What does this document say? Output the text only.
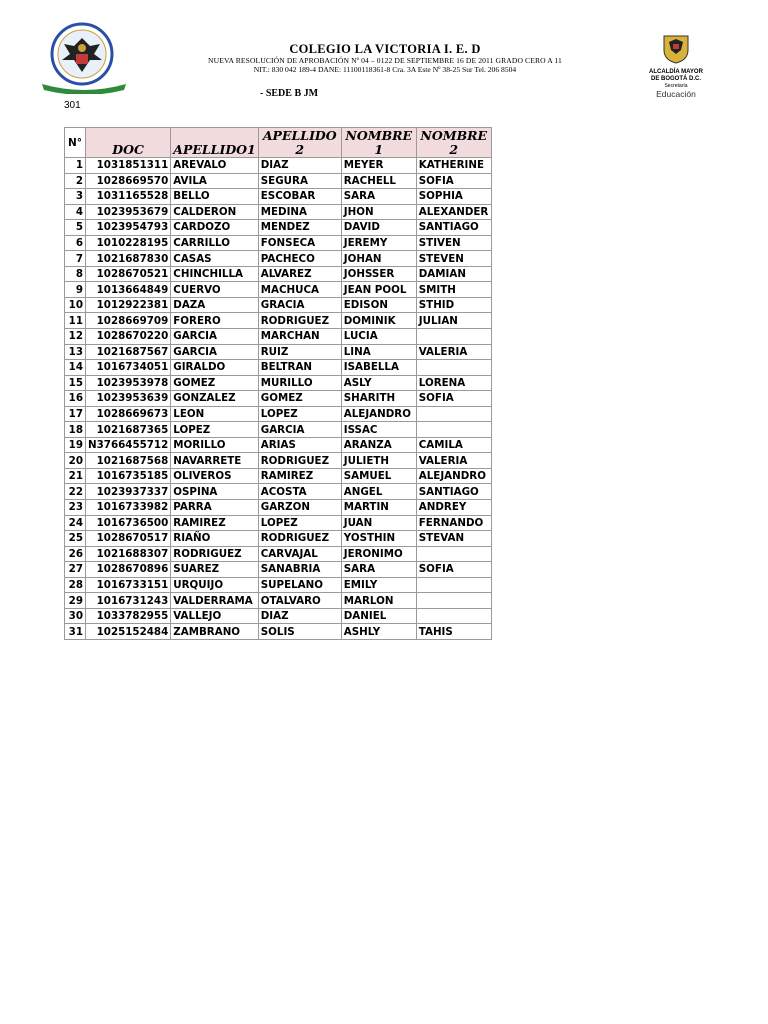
COLEGIO LA VICTORIA I. E. D
NUEVA RESOLUCIÓN DE APROBACIÓN Nº 04 – 0122 DE SEPTIEMBRE 16 DE 2011 GRADO CERO A 11
NIT.: 830 042 189-4 DANE: 11100118361-8 Cra. 3A Este Nº 38-25 Sur Tel. 206 8504	ALCALDÍA MAYOR
DE BOGOTÁ D.C.
Secretaría
Educación
- SEDE B JM
301
N°	DOC	APELLIDO1	APELLIDO 2	NOMBRE 1	NOMBRE 2
1	1031851311	AREVALO	DIAZ	MEYER	KATHERINE
2	1028669570	AVILA	SEGURA	RACHELL	SOFIA
3	1031165528	BELLO	ESCOBAR	SARA	SOPHIA
4	1023953679	CALDERON	MEDINA	JHON	ALEXANDER
5	1023954793	CARDOZO	MENDEZ	DAVID	SANTIAGO
6	1010228195	CARRILLO	FONSECA	JEREMY	STIVEN
7	1021687830	CASAS	PACHECO	JOHAN	STEVEN
8	1028670521	CHINCHILLA	ALVAREZ	JOHSSER	DAMIAN
9	1013664849	CUERVO	MACHUCA	JEAN POOL	SMITH
10	1012922381	DAZA	GRACIA	EDISON	STHID
11	1028669709	FORERO	RODRIGUEZ	DOMINIK	JULIAN
12	1028670220	GARCIA	MARCHAN	LUCIA	
13	1021687567	GARCIA	RUIZ	LINA	VALERIA
14	1016734051	GIRALDO	BELTRAN	ISABELLA	
15	1023953978	GOMEZ	MURILLO	ASLY	LORENA
16	1023953639	GONZALEZ	GOMEZ	SHARITH	SOFIA
17	1028669673	LEON	LOPEZ	ALEJANDRO	
18	1021687365	LOPEZ	GARCIA	ISSAC	
19	N3766455712	MORILLO	ARIAS	ARANZA	CAMILA
20	1021687568	NAVARRETE	RODRIGUEZ	JULIETH	VALERIA
21	1016735185	OLIVEROS	RAMIREZ	SAMUEL	ALEJANDRO
22	1023937337	OSPINA	ACOSTA	ANGEL	SANTIAGO
23	1016733982	PARRA	GARZON	MARTIN	ANDREY
24	1016736500	RAMIREZ	LOPEZ	JUAN	FERNANDO
25	1028670517	RIAÑO	RODRIGUEZ	YOSTHIN	STEVAN
26	1021688307	RODRIGUEZ	CARVAJAL	JERONIMO	
27	1028670896	SUAREZ	SANABRIA	SARA	SOFIA
28	1016733151	URQUIJO	SUPELANO	EMILY	
29	1016731243	VALDERRAMA	OTALVARO	MARLON	
30	1033782955	VALLEJO	DIAZ	DANIEL	
31	1025152484	ZAMBRANO	SOLIS	ASHLY	TAHIS
